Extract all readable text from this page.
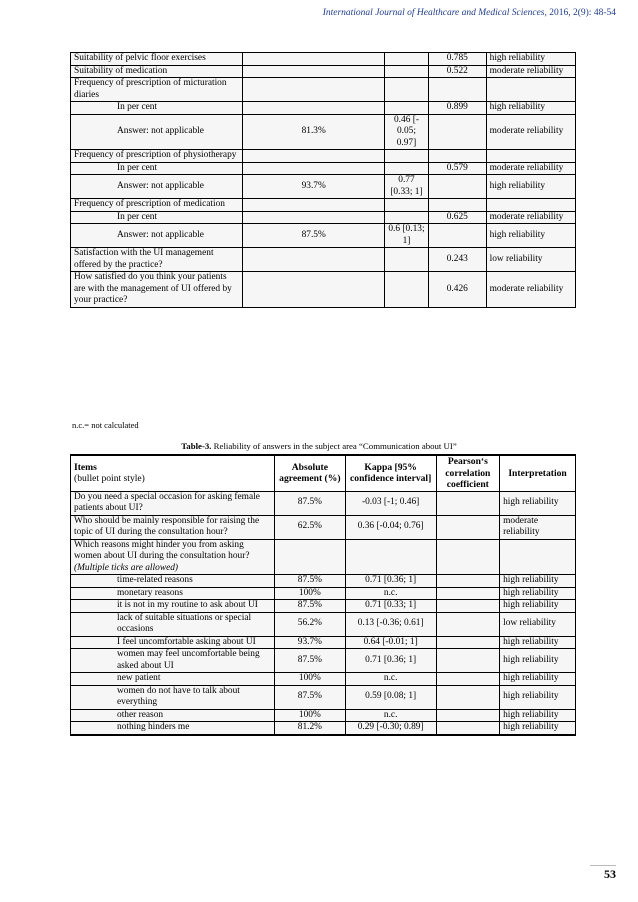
International Journal of Healthcare and Medical Sciences, 2016, 2(9): 48-54
Suitability of pelvic floor exercises			0.785	high reliability
Suitability of medication			0.522	moderate reliability
Frequency of prescription of micturation diaries				
In per cent			0.899	high reliability
Answer: not applicable	81.3%	0.46 [- 0.05; 0.97]		moderate reliability
Frequency of prescription of physiotherapy				
In per cent			0.579	moderate reliability
Answer: not applicable	93.7%	0.77 [0.33; 1]		high reliability
Frequency of prescription of medication				
In per cent			0.625	moderate reliability
Answer: not applicable	87.5%	0.6 [0.13; 1]		high reliability
Satisfaction with the UI management offered by the practice?			0.243	low reliability
How satisfied do you think your patients are with the management of UI offered by your practice?			0.426	moderate reliability
n.c.= not calculated
Table-3. Reliability of answers in the subject area “Communication about UI”
Items
(bullet point style)	Absolute agreement (%)	Kappa [95% confidence interval]	Pearson‘s correlation coefficient	Interpretation
Do you need a special occasion for asking female patients about UI?	87.5%	-0.03 [-1; 0.46]		high reliability
Who should be mainly responsible for raising the topic of UI during the consultation hour?	62.5%	0.36 [-0.04; 0.76]		moderate reliability
Which reasons might hinder you from asking women about UI during the consultation hour? (Multiple ticks are allowed)				
time-related reasons	87.5%	0.71 [0.36; 1]		high reliability
monetary reasons	100%	n.c.		high reliability
it is not in my routine to ask about UI	87.5%	0.71 [0.33; 1]		high reliability
lack of suitable situations or special occasions	56.2%	0.13 [-0.36; 0.61]		low reliability
I feel uncomfortable asking about UI	93.7%	0.64 [-0.01; 1]		high reliability
women may feel uncomfortable being asked about UI	87.5%	0.71 [0.36; 1]		high reliability
new patient	100%	n.c.		high reliability
women do not have to talk about everything	87.5%	0.59 [0.08; 1]		high reliability
other reason	100%	n.c.		high reliability
nothing hinders me	81.2%	0.29 [-0.30; 0.89]		high reliability
53
